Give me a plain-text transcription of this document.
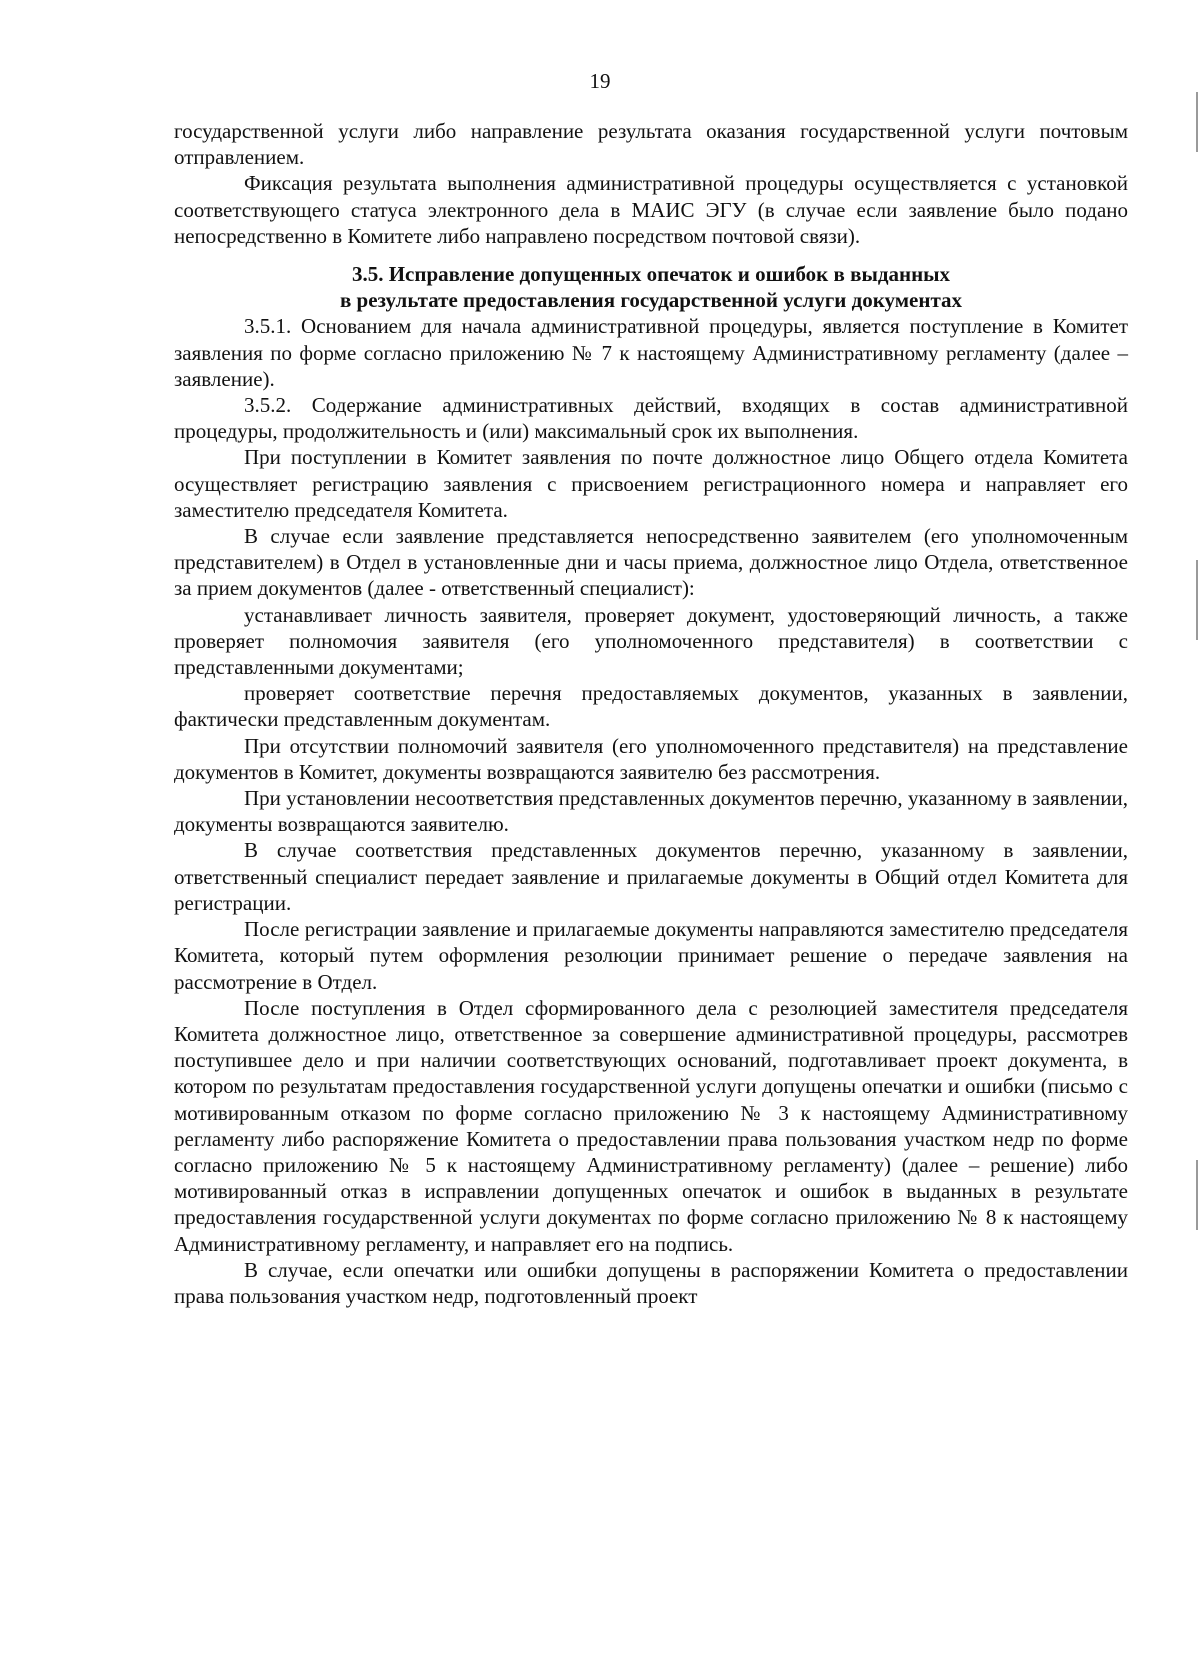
19

государственной услуги либо направление результата оказания государственной услуги почтовым отправлением.

Фиксация результата выполнения административной процедуры осуществляется с установкой соответствующего статуса электронного дела в МАИС ЭГУ (в случае если заявление было подано непосредственно в Комитете либо направлено посредством почтовой связи).

3.5. Исправление допущенных опечаток и ошибок в выданных
в результате предоставления государственной услуги документах

3.5.1. Основанием для начала административной процедуры, является поступление в Комитет заявления по форме согласно приложению № 7 к настоящему Административному регламенту (далее – заявление).

3.5.2. Содержание административных действий, входящих в состав административной процедуры, продолжительность и (или) максимальный срок их выполнения.

При поступлении в Комитет заявления по почте должностное лицо Общего отдела Комитета осуществляет регистрацию заявления с присвоением регистрационного номера и направляет его заместителю председателя Комитета.

В случае если заявление представляется непосредственно заявителем (его уполномоченным представителем) в Отдел в установленные дни и часы приема, должностное лицо Отдела, ответственное за прием документов (далее - ответственный специалист):

устанавливает личность заявителя, проверяет документ, удостоверяющий личность, а также проверяет полномочия заявителя (его уполномоченного представителя) в соответствии с представленными документами;

проверяет соответствие перечня предоставляемых документов, указанных в заявлении, фактически представленным документам.

При отсутствии полномочий заявителя (его уполномоченного представителя) на представление документов в Комитет, документы возвращаются заявителю без рассмотрения.

При установлении несоответствия представленных документов перечню, указанному в заявлении, документы возвращаются заявителю.

В случае соответствия представленных документов перечню, указанному в заявлении, ответственный специалист передает заявление и прилагаемые документы в Общий отдел Комитета для регистрации.

После регистрации заявление и прилагаемые документы направляются заместителю председателя Комитета, который путем оформления резолюции принимает решение о передаче заявления на рассмотрение в Отдел.

После поступления в Отдел сформированного дела с резолюцией заместителя председателя Комитета должностное лицо, ответственное за совершение административной процедуры, рассмотрев поступившее дело и при наличии соответствующих оснований, подготавливает проект документа, в котором по результатам предоставления государственной услуги допущены опечатки и ошибки (письмо с мотивированным отказом по форме согласно приложению № 3 к настоящему Административному регламенту либо распоряжение Комитета о предоставлении права пользования участком недр по форме согласно приложению № 5 к настоящему Административному регламенту) (далее – решение) либо мотивированный отказ в исправлении допущенных опечаток и ошибок в выданных в результате предоставления государственной услуги документах по форме согласно приложению № 8 к настоящему Административному регламенту, и направляет его на подпись.

В случае, если опечатки или ошибки допущены в распоряжении Комитета о предоставлении права пользования участком недр, подготовленный проект
